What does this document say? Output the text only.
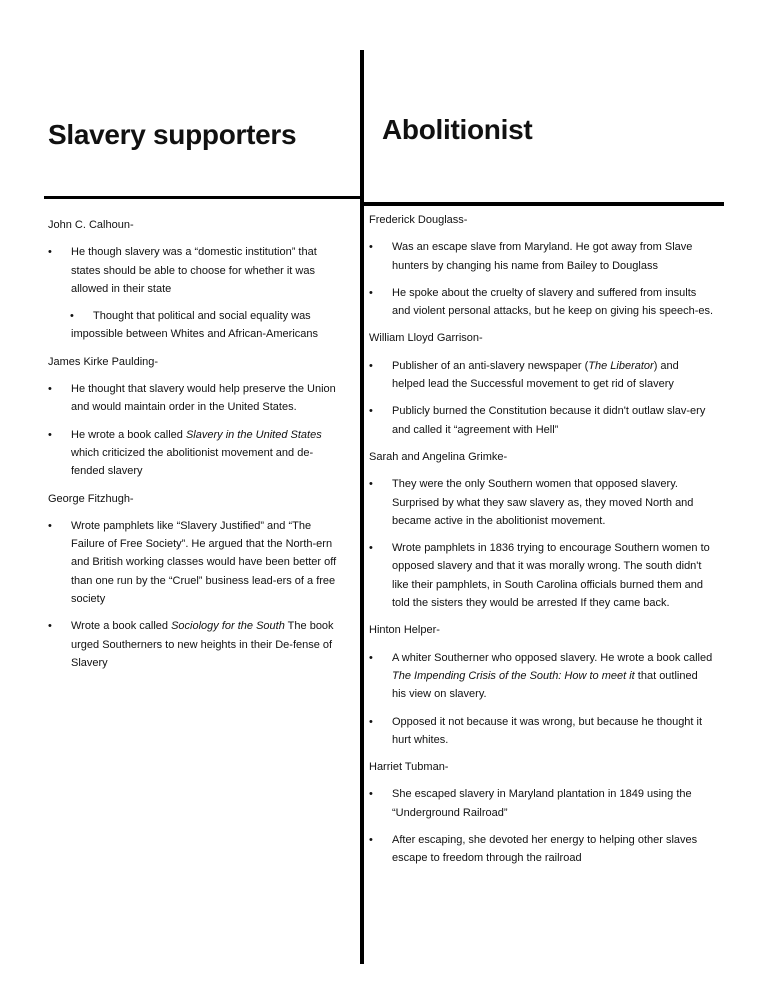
Slavery supporters	Abolitionist
John C. Calhoun-
• He though slavery was a “domestic institution” that states should be able to choose for whether it was allowed in their state
• Thought that political and social equality was impossible between Whites and African-Americans
James Kirke Paulding-
• He thought that slavery would help preserve the Union and would maintain order in the United States.
• He wrote a book called Slavery in the United States which criticized the abolitionist movement and de-fended slavery
George Fitzhugh-
• Wrote pamphlets like “Slavery Justified” and “The Failure of Free Society”. He argued that the North-ern and British working classes would have been better off than one run by the “Cruel” business lead-ers of a free society
• Wrote a book called Sociology for the South The book urged Southerners to new heights in their De-fense of Slavery
Frederick Douglass-
• Was an escape slave from Maryland. He got away from Slave hunters by changing his name from Bailey to Douglass
• He spoke about the cruelty of slavery and suffered from insults and violent personal attacks, but he keep on giving his speech-es.
William Lloyd Garrison-
• Publisher of an anti-slavery newspaper (The Liberator) and helped lead the Successful movement to get rid of slavery
• Publicly burned the Constitution because it didn't outlaw slav-ery and called it “agreement with Hell”
Sarah and Angelina Grimke-
• They were the only Southern women that opposed slavery. Surprised by what they saw slavery as, they moved North and became active in the abolitionist movement.
• Wrote pamphlets in 1836 trying to encourage Southern women to opposed slavery and that it was morally wrong. The south didn't like their pamphlets, in South Carolina officials burned them and told the sisters they would be arrested If they came back.
Hinton Helper-
• A whiter Southerner who opposed slavery. He wrote a book called The Impending Crisis of the South: How to meet it that outlined his view on slavery.
• Opposed it not because it was wrong, but because he thought it hurt whites.
Harriet Tubman-
• She escaped slavery in Maryland plantation in 1849 using the “Underground Railroad”
• After escaping, she devoted her energy to helping other slaves escape to freedom through the railroad
